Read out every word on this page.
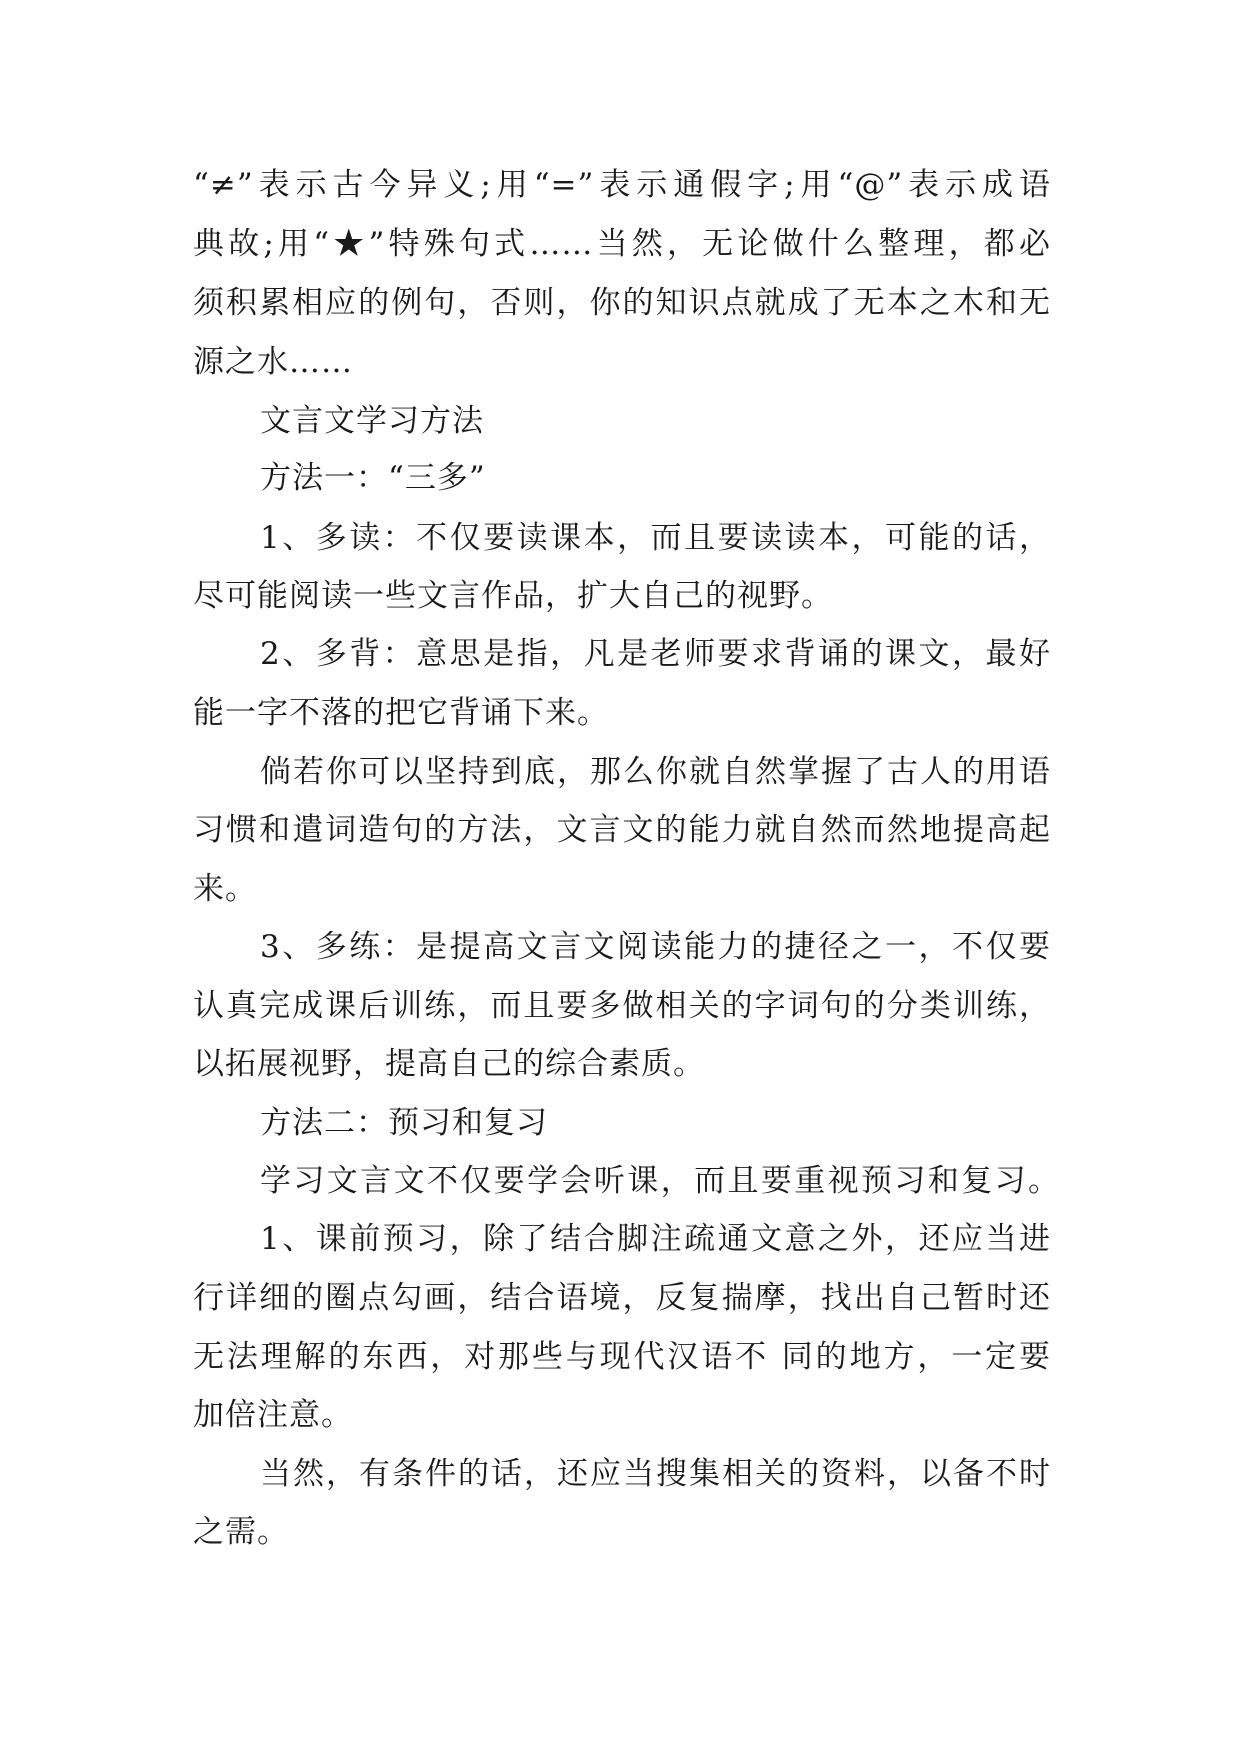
“≠”表示古今异义;用“=”表示通假字;用“@”表示成语
典故;用“★”特殊句式……当然，无论做什么整理，都必
须积累相应的例句，否则，你的知识点就成了无本之木和无
源之水……
文言文学习方法
方法一：“三多”
1、多读：不仅要读课本，而且要读读本，可能的话，
尽可能阅读一些文言作品，扩大自己的视野。
2、多背：意思是指，凡是老师要求背诵的课文，最好
能一字不落的把它背诵下来。
倘若你可以坚持到底，那么你就自然掌握了古人的用语
习惯和遣词造句的方法，文言文的能力就自然而然地提高起
来。
3、多练：是提高文言文阅读能力的捷径之一，不仅要
认真完成课后训练，而且要多做相关的字词句的分类训练，
以拓展视野，提高自己的综合素质。
方法二：预习和复习
学习文言文不仅要学会听课，而且要重视预习和复习。
1、课前预习，除了结合脚注疏通文意之外，还应当进
行详细的圈点勾画，结合语境，反复揣摩，找出自己暂时还
无法理解的东西，对那些与现代汉语不 同的地方，一定要
加倍注意。
当然，有条件的话，还应当搜集相关的资料，以备不时
之需。
